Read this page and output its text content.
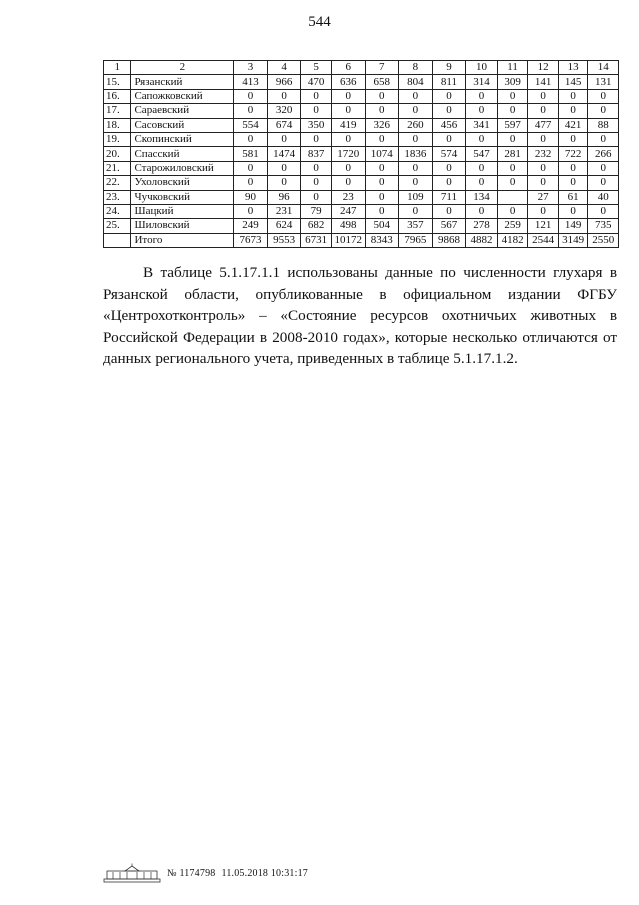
544
1	2	3	4	5	6	7	8	9	10	11	12	13	14
15.	Рязанский	413	966	470	636	658	804	811	314	309	141	145	131
16.	Сапожковский	0	0	0	0	0	0	0	0	0	0	0	0
17.	Сараевский	0	320	0	0	0	0	0	0	0	0	0	0
18.	Сасовский	554	674	350	419	326	260	456	341	597	477	421	88
19.	Скопинский	0	0	0	0	0	0	0	0	0	0	0	0
20.	Спасский	581	1474	837	1720	1074	1836	574	547	281	232	722	266
21.	Старожиловский	0	0	0	0	0	0	0	0	0	0	0	0
22.	Ухоловский	0	0	0	0	0	0	0	0	0	0	0	0
23.	Чучковский	90	96	0	23	0	109	711	134		27	61	40
24.	Шацкий	0	231	79	247	0	0	0	0	0	0	0	0
25.	Шиловский	249	624	682	498	504	357	567	278	259	121	149	735
	Итого	7673	9553	6731	10172	8343	7965	9868	4882	4182	2544	3149	2550
В таблице 5.1.17.1.1 использованы данные по численности глухаря в Рязанской области, опубликованные в официальном издании ФГБУ «Центрохотконтроль» – «Состояние ресурсов охотничьих животных в Российской Федерации в 2008-2010 годах», которые несколько отличаются от данных регионального учета, приведенных в таблице 5.1.17.1.2.
№ 1174798 11.05.2018 10:31:17
